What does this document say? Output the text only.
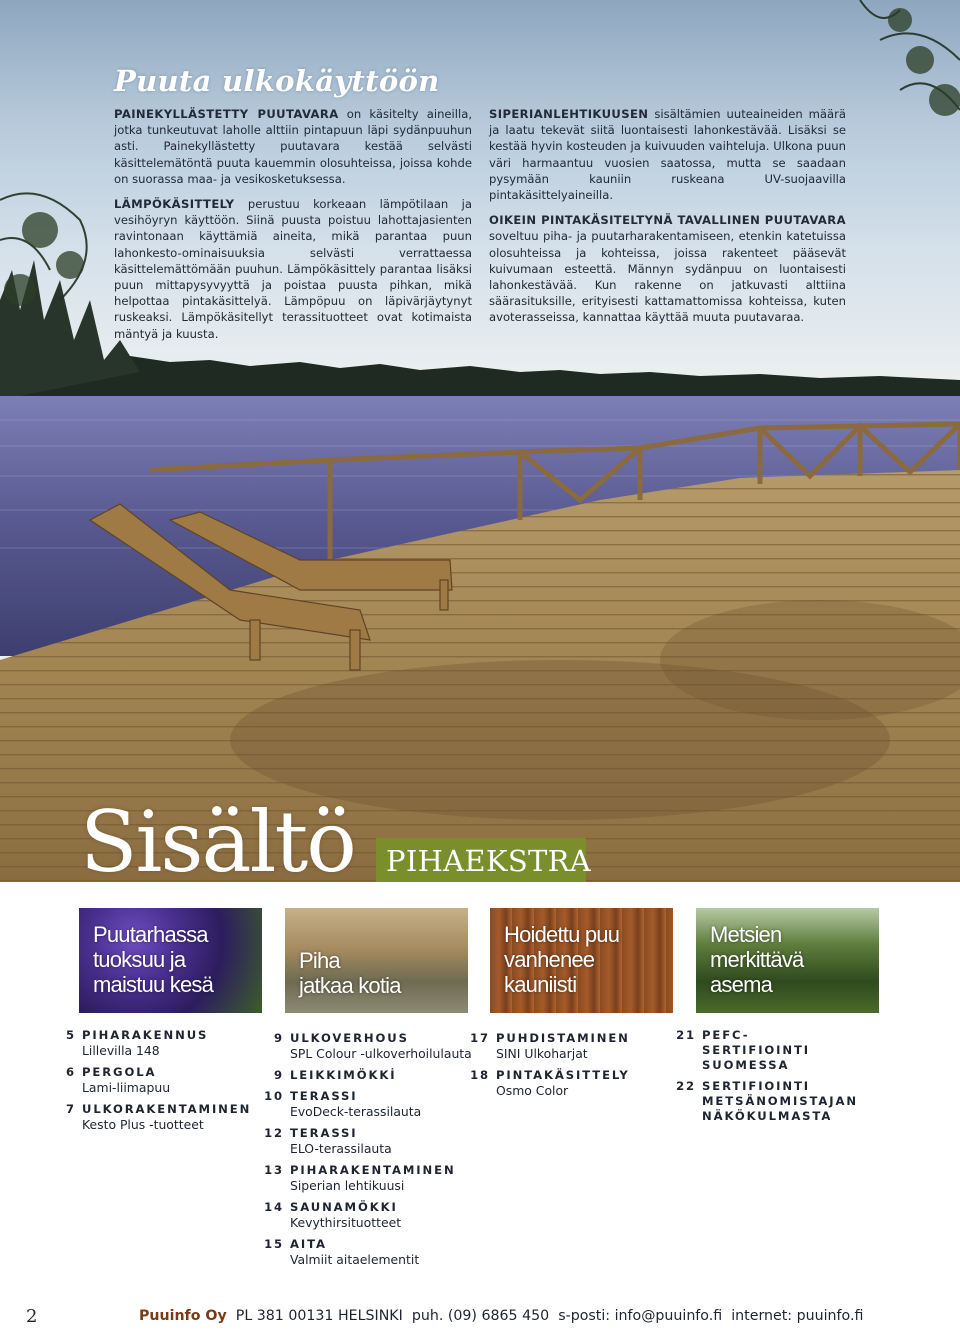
Puuta ulkokäyttöön

PAINEKYLLÄSTETTY PUUTAVARA on käsitelty aineilla, jotka tunkeutuvat laholle alttiin pintapuun läpi sydänpuuhun asti. Painekyllästetty puutavara kestää selvästi käsittelemätöntä puuta kauemmin olosuhteissa, joissa kohde on suorassa maa- ja vesikosketuksessa.

LÄMPÖKÄSITTELY perustuu korkeaan lämpötilaan ja vesihöyryn käyttöön. Siinä puusta poistuu lahottajasienten ravintonaan käyttämiä aineita, mikä parantaa puun lahonkesto-ominaisuuksia selvästi verrattaessa käsittelemättömään puuhun. Lämpökäsittely parantaa lisäksi puun mittapysyvyyttä ja poistaa puusta pihkan, mikä helpottaa pintakäsittelyä. Lämpöpuu on läpivärjäytynyt ruskeaksi. Lämpökäsitellyt terassituotteet ovat kotimaista mäntyä ja kuusta.

SIPERIANLEHTIKUUSEN sisältämien uuteaineiden määrä ja laatu tekevät siitä luontaisesti lahonkestävää. Lisäksi se kestää hyvin kosteuden ja kuivuuden vaihteluja. Ulkona puun väri harmaantuu vuosien saatossa, mutta se saadaan pysymään kauniin ruskeana UV-suojaavilla pintakäsittelyaineilla.

OIKEIN PINTAKÄSITELTYNÄ TAVALLINEN PUUTAVARA soveltuu piha- ja puutarharakentamiseen, etenkin katetuissa olosuhteissa ja kohteissa, joissa rakenteet pääsevät kuivumaan esteettä. Männyn sydänpuu on luontaisesti lahonkestävää. Kun rakenne on jatkuvasti alttiina säärasituksille, erityisesti kattamattomissa kohteissa, kuten avoterasseissa, kannattaa käyttää muuta puutavaraa.

Sisältö	PIHAEKSTRA
Puutarhassa
tuoksuu ja
maistuu kesä
Piha
jatkaa kotia
Hoidettu puu
vanhenee
kauniisti
Metsien
merkittävä
asema
5 PIHARAKENNUS
Lillevilla 148
6 PERGOLA
Lami-liimapuu
7 ULKORAKENTAMINEN
Kesto Plus -tuotteet
9 ULKOVERHOUS
SPL Colour -ulkoverhoilulauta
9 LEIKKIMÖKKİ
10 TERASSI
EvoDeck-terassilauta
12 TERASSI
ELO-terassilauta
13 PIHARAKENTAMINEN
Siperian lehtikuusi
14 SAUNAMÖKKI
Kevythirsituotteet
15 AITA
Valmiit aitaelementit
17 PUHDISTAMINEN
SINI Ulkoharjat
18 PINTAKÄSITTELY
Osmo Color
21 PEFC-SERTIFIOINTI SUOMESSA
22 SERTIFIOINTI METSÄNOMISTAJAN NÄKÖKULMASTA
2	Puuinfo Oy PL 381 00131 HELSINKI puh. (09) 6865 450 s-posti: info@puuinfo.fi internet: puuinfo.fi
